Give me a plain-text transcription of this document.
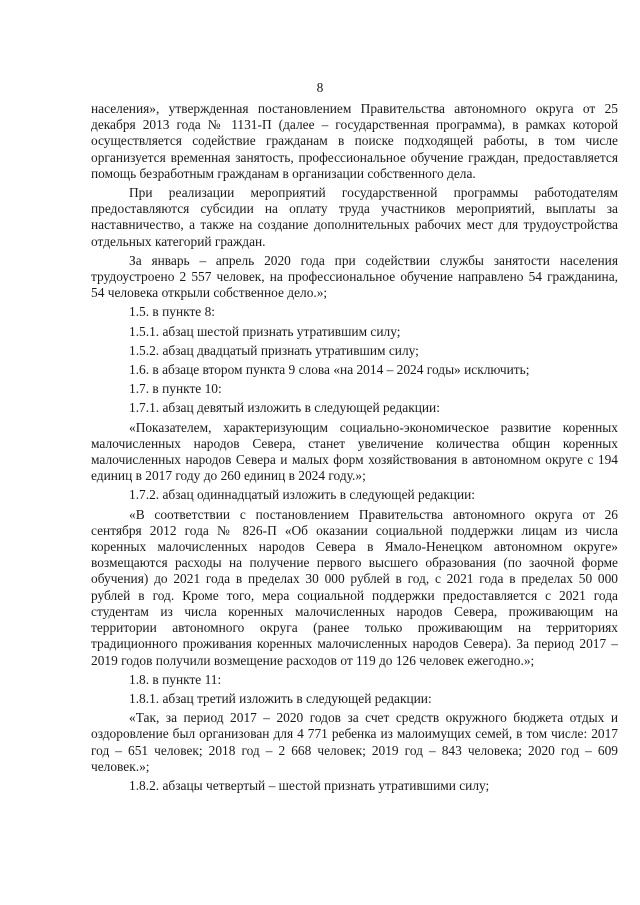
8

населения», утвержденная постановлением Правительства автономного округа от 25 декабря 2013 года № 1131-П (далее – государственная программа), в рамках которой осуществляется содействие гражданам в поиске подходящей работы, в том числе организуется временная занятость, профессиональное обучение граждан, предоставляется помощь безработным гражданам в организации собственного дела.

При реализации мероприятий государственной программы работодателям предоставляются субсидии на оплату труда участников мероприятий, выплаты за наставничество, а также на создание дополнительных рабочих мест для трудоустройства отдельных категорий граждан.

За январь – апрель 2020 года при содействии службы занятости населения трудоустроено 2 557 человек, на профессиональное обучение направлено 54 гражданина, 54 человека открыли собственное дело.»;

1.5. в пункте 8:

1.5.1. абзац шестой признать утратившим силу;

1.5.2. абзац двадцатый признать утратившим силу;

1.6. в абзаце втором пункта 9 слова «на 2014 – 2024 годы» исключить;

1.7. в пункте 10:

1.7.1. абзац девятый изложить в следующей редакции:

«Показателем, характеризующим социально-экономическое развитие коренных малочисленных народов Севера, станет увеличение количества общин коренных малочисленных народов Севера и малых форм хозяйствования в автономном округе с 194 единиц в 2017 году до 260 единиц в 2024 году.»;

1.7.2. абзац одиннадцатый изложить в следующей редакции:

«В соответствии с постановлением Правительства автономного округа от 26 сентября 2012 года № 826-П «Об оказании социальной поддержки лицам из числа коренных малочисленных народов Севера в Ямало-Ненецком автономном округе» возмещаются расходы на получение первого высшего образования (по заочной форме обучения) до 2021 года в пределах 30 000 рублей в год, с 2021 года в пределах 50 000 рублей в год. Кроме того, мера социальной поддержки предоставляется с 2021 года студентам из числа коренных малочисленных народов Севера, проживающим на территории автономного округа (ранее только проживающим на территориях традиционного проживания коренных малочисленных народов Севера). За период 2017 – 2019 годов получили возмещение расходов от 119 до 126 человек ежегодно.»;

1.8. в пункте 11:

1.8.1. абзац третий изложить в следующей редакции:

«Так, за период 2017 – 2020 годов за счет средств окружного бюджета отдых и оздоровление был организован для 4 771 ребенка из малоимущих семей, в том числе: 2017 год – 651 человек; 2018 год – 2 668 человек; 2019 год – 843 человека; 2020 год – 609 человек.»;

1.8.2. абзацы четвертый – шестой признать утратившими силу;
